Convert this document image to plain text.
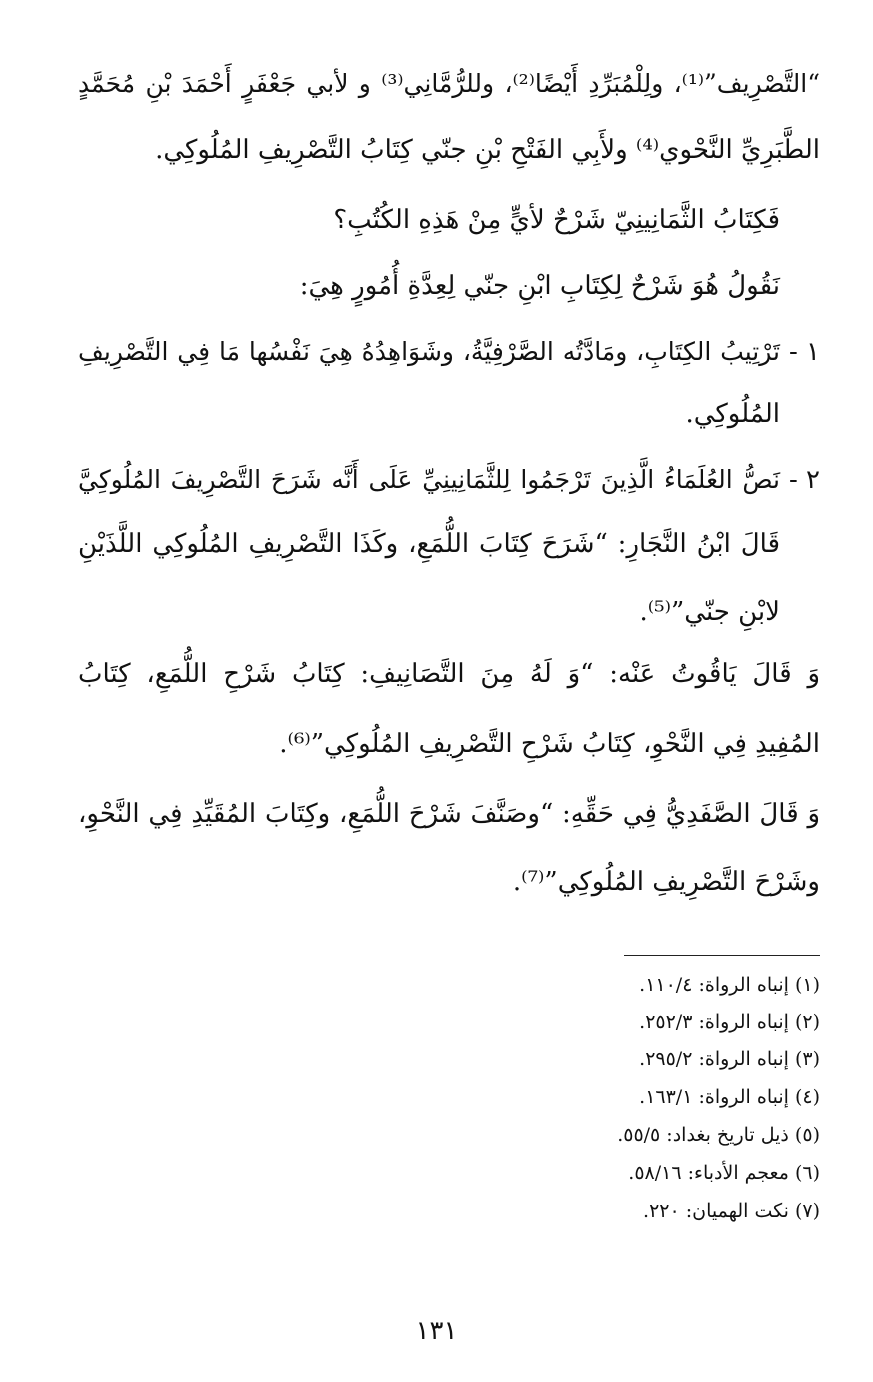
“التَّصْرِيف”⁽¹⁾، ولِلْمُبَرِّدِ أَيْضًا⁽²⁾، وللرُّمَّانِي⁽³⁾ و لأبي جَعْفَرٍ أَحْمَدَ بْنِ مُحَمَّدٍ
الطَّبَرِيِّ النَّحْوي⁽⁴⁾ ولأَبِي الفَتْحِ بْنِ جنّي كِتَابُ التَّصْرِيفِ المُلُوكِي.
فَكِتَابُ الثَّمَانِينِيّ شَرْحٌ لأيٍّ مِنْ هَذِهِ الكُتُبِ؟
نَقُولُ هُوَ شَرْحٌ لِكِتَابِ ابْنِ جنّي لِعِدَّةِ أُمُورٍ هِيَ:
١ -
تَرْتِيبُ الكِتَابِ، ومَادَّتُه الصَّرْفِيَّةُ، وشَوَاهِدُهُ هِيَ نَفْسُها مَا فِي التَّصْرِيفِ
المُلُوكِي.
٢ -
نَصُّ العُلَمَاءُ الَّذِينَ تَرْجَمُوا لِلثَّمَانِينِيِّ عَلَى أَنَّه شَرَحَ التَّصْرِيفَ المُلُوكِيَّ
قَالَ ابْنُ النَّجَارِ: “شَرَحَ كِتَابَ اللُّمَعِ، وكَذَا التَّصْرِيفِ المُلُوكِي اللَّذَيْنِ
لابْنِ جنّي”⁽⁵⁾.
وَ قَالَ يَاقُوتُ عَنْه: “وَ لَهُ مِنَ التَّصَانِيفِ: كِتَابُ شَرْحِ اللُّمَعِ، كِتَابُ
المُفِيدِ فِي النَّحْوِ، كِتَابُ شَرْحِ التَّصْرِيفِ المُلُوكِي”⁽⁶⁾.
وَ قَالَ الصَّفَدِيُّ فِي حَقِّهِ: “وصَنَّفَ شَرْحَ اللُّمَعِ، وكِتَابَ المُقَيِّدِ فِي النَّحْوِ،
وشَرْحَ التَّصْرِيفِ المُلُوكِي”⁽⁷⁾.
(١) إنباه الرواة: ١١٠/٤.
(٢) إنباه الرواة: ٢٥٢/٣.
(٣) إنباه الرواة: ٢٩٥/٢.
(٤) إنباه الرواة: ١٦٣/١.
(٥) ذيل تاريخ بغداد: ٥٥/٥.
(٦) معجم الأدباء: ٥٨/١٦.
(٧) نكت الهميان: ٢٢٠.
١٣١
